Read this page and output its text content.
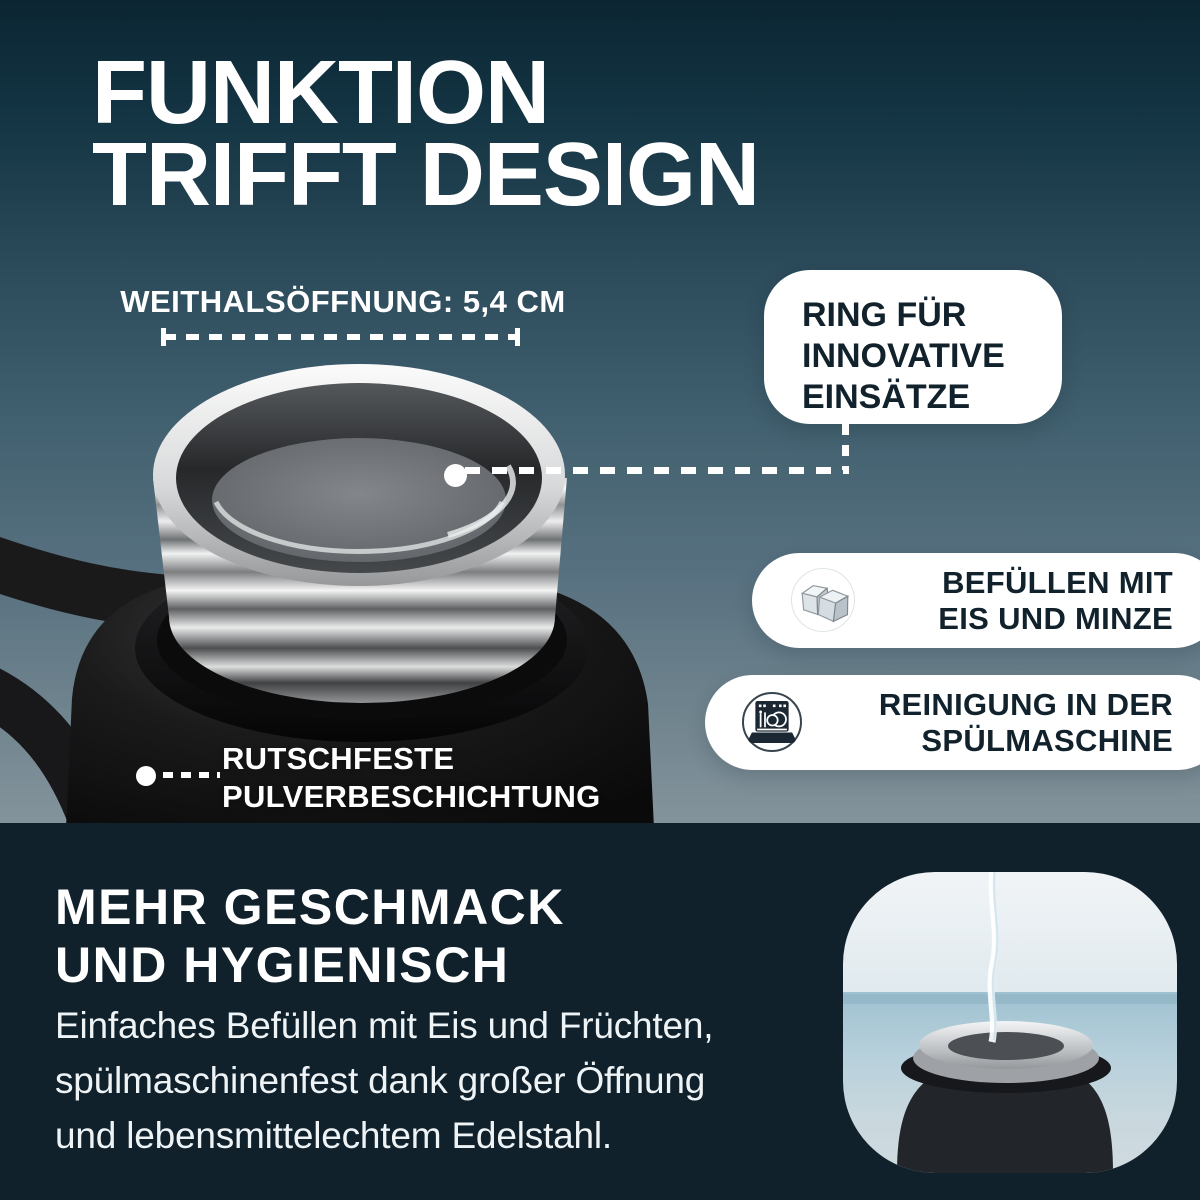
FUNKTION
TRIFFT DESIGN
WEITHALSÖFFNUNG: 5,4 CM	RING FÜR
INNOVATIVE
EINSÄTZE
BEFÜLLEN MIT
EIS UND MINZE
REINIGUNG IN DER
SPÜLMASCHINE
RUTSCHFESTE
PULVERBESCHICHTUNG
MEHR GESCHMACK
UND HYGIENISCH
Einfaches Befüllen mit Eis und Früchten,
spülmaschinenfest dank großer Öffnung
und lebensmittelechtem Edelstahl.
